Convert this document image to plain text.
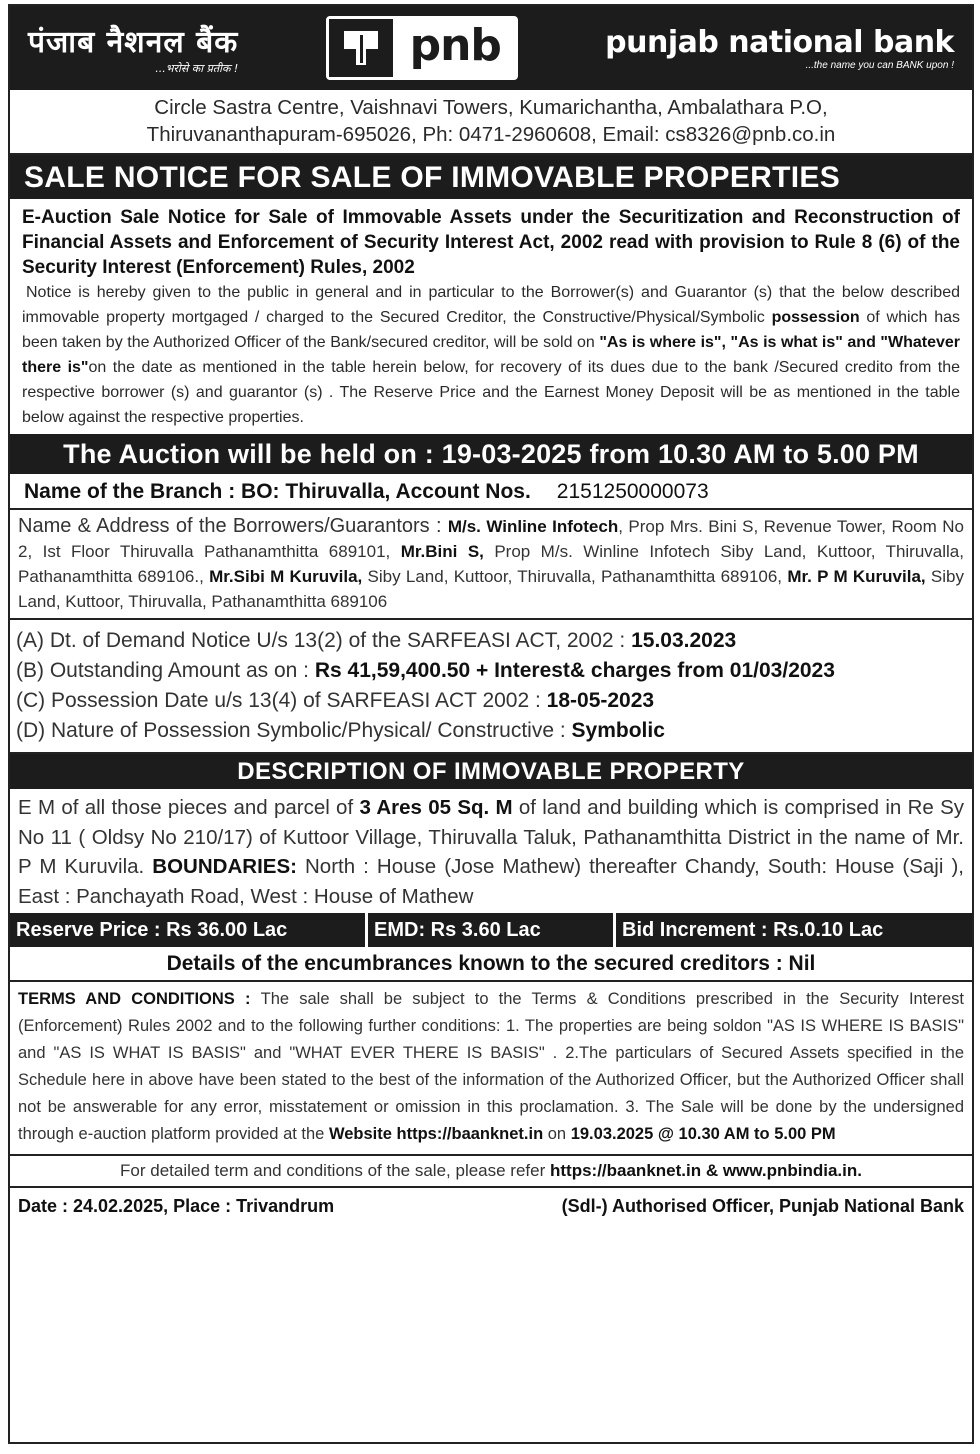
पंजाब नैशनल बैंक
...भरोसे का प्रतीक !	pnb	punjab national bank
...the name you can BANK upon !
Circle Sastra Centre, Vaishnavi Towers, Kumarichantha, Ambalathara P.O,
Thiruvananthapuram-695026, Ph: 0471-2960608, Email: cs8326@pnb.co.in
SALE NOTICE FOR SALE OF IMMOVABLE PROPERTIES
E-Auction Sale Notice for Sale of Immovable Assets under the Securitization and Reconstruction of Financial Assets and Enforcement of Security Interest Act, 2002 read with provision to Rule 8 (6) of the Security Interest (Enforcement) Rules, 2002
Notice is hereby given to the public in general and in particular to the Borrower(s) and Guarantor (s) that the below described immovable property mortgaged / charged to the Secured Creditor, the Constructive/Physical/Symbolic possession of which has been taken by the Authorized Officer of the Bank/secured creditor, will be sold on "As is where is", "As is what is" and "Whatever there is"on the date as mentioned in the table herein below, for recovery of its dues due to the bank /Secured credito from the respective borrower (s) and guarantor (s) . The Reserve Price and the Earnest Money Deposit will be as mentioned in the table below against the respective properties.
The Auction will be held on : 19-03-2025 from 10.30 AM to 5.00 PM
Name of the Branch : BO: Thiruvalla, Account Nos. 2151250000073
Name & Address of the Borrowers/Guarantors : M/s. Winline Infotech, Prop Mrs. Bini S, Revenue Tower, Room No 2, Ist Floor Thiruvalla Pathanamthitta 689101, Mr.Bini S, Prop M/s. Winline Infotech Siby Land, Kuttoor, Thiruvalla, Pathanamthitta 689106., Mr.Sibi M Kuruvila, Siby Land, Kuttoor, Thiruvalla, Pathanamthitta 689106, Mr. P M Kuruvila, Siby Land, Kuttoor, Thiruvalla, Pathanamthitta 689106
(A) Dt. of Demand Notice U/s 13(2) of the SARFEASI ACT, 2002 : 15.03.2023
(B) Outstanding Amount as on : Rs 41,59,400.50 + Interest& charges from 01/03/2023
(C) Possession Date u/s 13(4) of SARFEASI ACT 2002 : 18-05-2023
(D) Nature of Possession Symbolic/Physical/ Constructive : Symbolic
DESCRIPTION OF IMMOVABLE PROPERTY
E M of all those pieces and parcel of 3 Ares 05 Sq. M of land and building which is comprised in Re Sy No 11 ( Oldsy No 210/17) of Kuttoor Village, Thiruvalla Taluk, Pathanamthitta District in the name of Mr. P M Kuruvila. BOUNDARIES: North : House (Jose Mathew) thereafter Chandy, South: House (Saji ), East : Panchayath Road, West : House of Mathew
Reserve Price : Rs 36.00 Lac	EMD: Rs 3.60 Lac	Bid Increment : Rs.0.10 Lac
Details of the encumbrances known to the secured creditors : Nil
TERMS AND CONDITIONS : The sale shall be subject to the Terms & Conditions prescribed in the Security Interest (Enforcement) Rules 2002 and to the following further conditions: 1. The properties are being soldon "AS IS WHERE IS BASIS" and "AS IS WHAT IS BASIS" and "WHAT EVER THERE IS BASIS" . 2.The particulars of Secured Assets specified in the Schedule here in above have been stated to the best of the information of the Authorized Officer, but the Authorized Officer shall not be answerable for any error, misstatement or omission in this proclamation. 3. The Sale will be done by the undersigned through e-auction platform provided at the Website https://baanknet.in on 19.03.2025 @ 10.30 AM to 5.00 PM
For detailed term and conditions of the sale, please refer https://baanknet.in & www.pnbindia.in.
Date : 24.02.2025, Place : Trivandrum	(Sdl-) Authorised Officer, Punjab National Bank
